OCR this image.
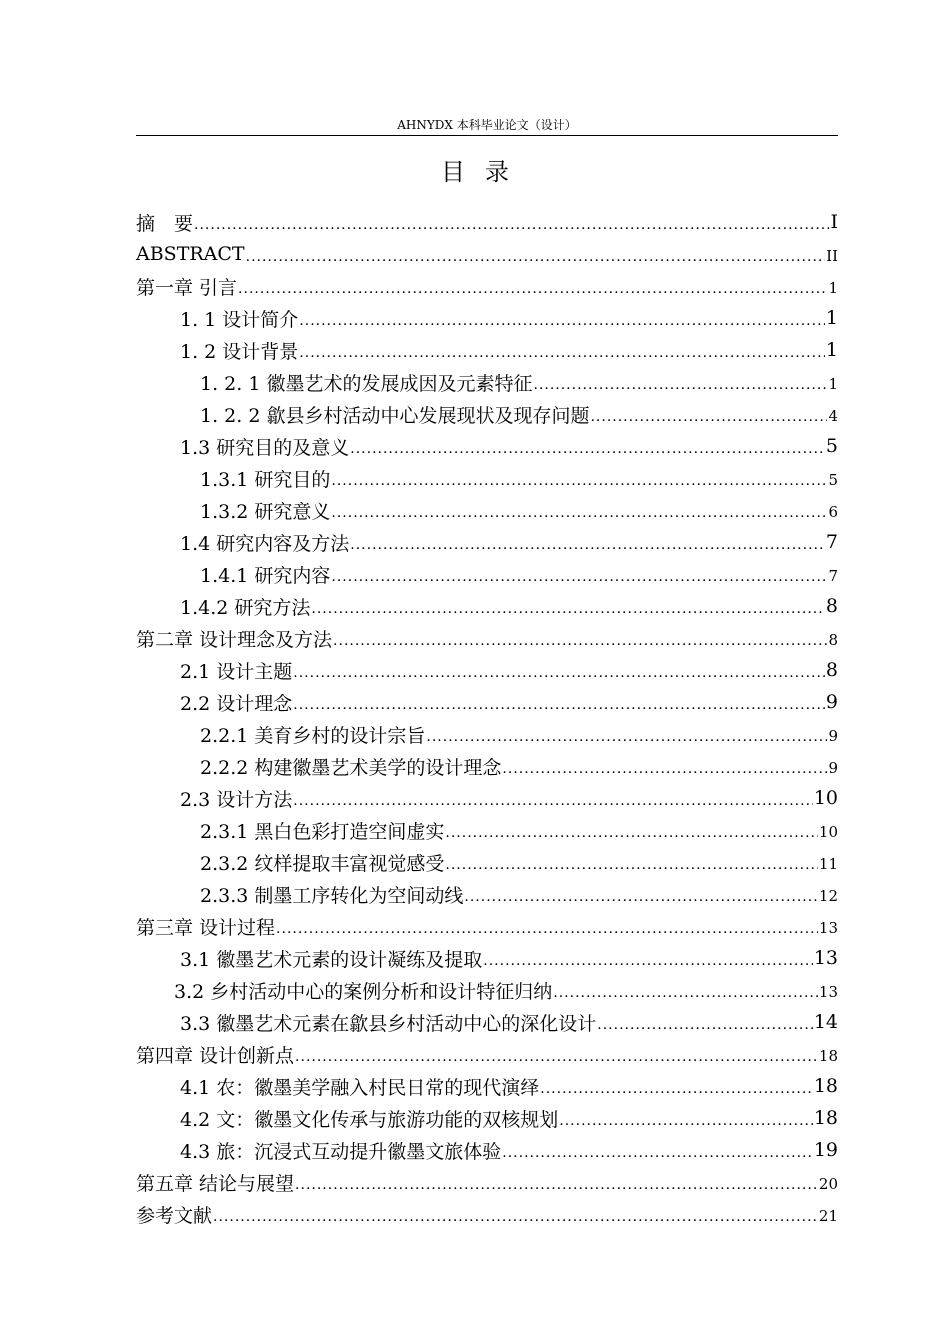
AHNYDX 本科毕业论文（设计）
目录
摘　要 .....	I
ABSTRACT .....	II
第一章 引言 .....	1
1. 1 设计简介 .....	1
1. 2 设计背景 .....	1
1. 2. 1 徽墨艺术的发展成因及元素特征 .....	1
1. 2. 2 歙县乡村活动中心发展现状及现存问题 .....	4
1.3 研究目的及意义 .....	5
1.3.1 研究目的 .....	5
1.3.2 研究意义 .....	6
1.4 研究内容及方法 .....	7
1.4.1 研究内容 .....	7
1.4.2 研究方法 .....	8
第二章 设计理念及方法 .....	8
2.1 设计主题 .....	8
2.2 设计理念 .....	9
2.2.1 美育乡村的设计宗旨 .....	9
2.2.2 构建徽墨艺术美学的设计理念 .....	9
2.3 设计方法 .....	10
2.3.1 黑白色彩打造空间虚实 .....	10
2.3.2 纹样提取丰富视觉感受 .....	11
2.3.3 制墨工序转化为空间动线 .....	12
第三章 设计过程 .....	13
3.1 徽墨艺术元素的设计凝练及提取 .....	13
3.2 乡村活动中心的案例分析和设计特征归纳 .....	13
3.3 徽墨艺术元素在歙县乡村活动中心的深化设计 .....	14
第四章 设计创新点 .....	18
4.1 农：徽墨美学融入村民日常的现代演绎 .....	18
4.2 文：徽墨文化传承与旅游功能的双核规划 .....	18
4.3 旅：沉浸式互动提升徽墨文旅体验 .....	19
第五章 结论与展望 .....	20
参考文献 .....	21
